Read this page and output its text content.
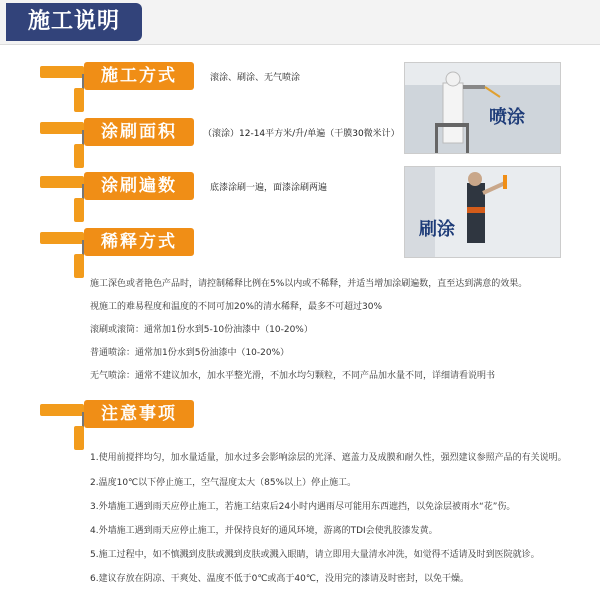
施工说明
施工方式	滚涂、刷涂、无气喷涂
涂刷面积	（滚涂）12-14平方米/升/单遍（干膜30微米计）
涂刷遍数	底漆涂刷一遍，面漆涂刷两遍
稀释方式
施工深色或者艳色产品时，请控制稀释比例在5%以内或不稀释，并适当增加涂刷遍数，直至达到满意的效果。
视施工的难易程度和温度的不同可加20%的清水稀释，最多不可超过30%
滚刷或滚筒：通常加1份水到5-10份油漆中（10-20%）
普通喷涂：通常加1份水到5份油漆中（10-20%）
无气喷涂：通常不建议加水，加水平整光滑，不加水均匀颗粒，不同产品加水量不同，详细请看说明书
注意事项
1.使用前搅拌均匀，加水量适量，加水过多会影响涂层的光泽、遮盖力及成膜和耐久性，强烈建议参照产品的有关说明。
2.温度10℃以下停止施工，空气湿度太大（85%以上）停止施工。
3.外墙施工遇到雨天应停止施工，若施工结束后24小时内遇雨尽可能用东西遮挡，以免涂层被雨水“花”伤。
4.外墙施工遇到雨天应停止施工，并保持良好的通风环境，游离的TDI会使乳胶漆发黄。
5.施工过程中，如不慎溅到皮肤或溅到皮肤或溅入眼睛，请立即用大量清水冲洗，如觉得不适请及时到医院就诊。
6.建议存放在阴凉、干爽处、温度不低于0℃或高于40℃，没用完的漆请及时密封，以免干燥。
喷涂
刷涂
